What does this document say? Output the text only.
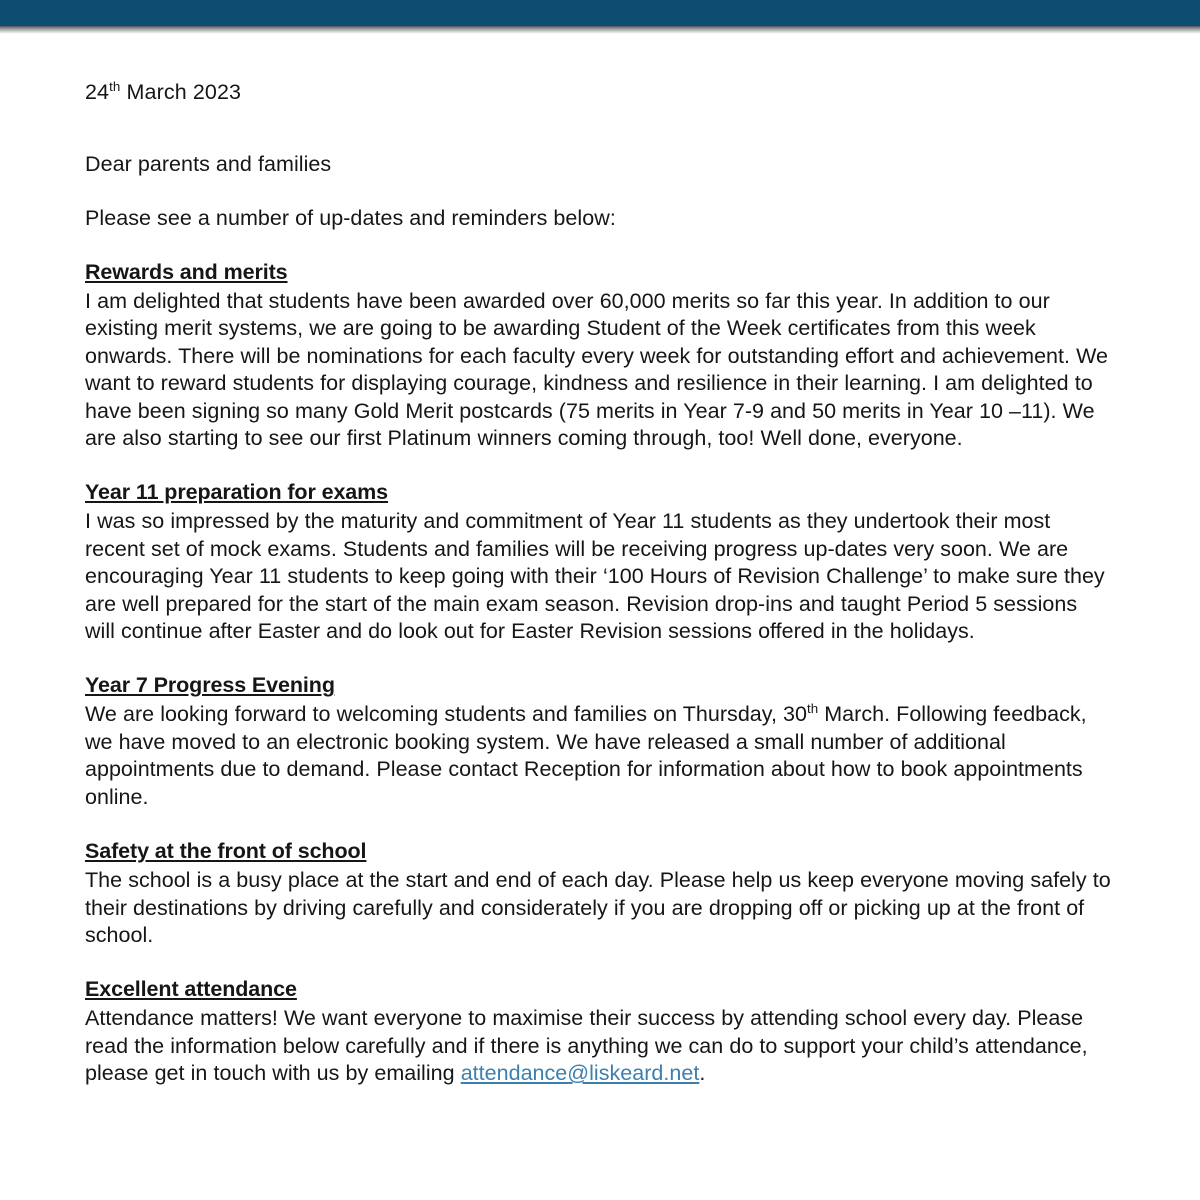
24th March 2023

Dear parents and families

Please see a number of up-dates and reminders below:

Rewards and merits

I am delighted that students have been awarded over 60,000 merits so far this year. In addition to our existing merit systems, we are going to be awarding Student of the Week certificates from this week onwards. There will be nominations for each faculty every week for outstanding effort and achievement. We want to reward students for displaying courage, kindness and resilience in their learning. I am delighted to have been signing so many Gold Merit postcards (75 merits in Year 7-9 and 50 merits in Year 10 –11). We are also starting to see our first Platinum winners coming through, too! Well done, everyone.

Year 11 preparation for exams

I was so impressed by the maturity and commitment of Year 11 students as they undertook their most recent set of mock exams. Students and families will be receiving progress up-dates very soon. We are encouraging Year 11 students to keep going with their ‘100 Hours of Revision Challenge’ to make sure they are well prepared for the start of the main exam season. Revision drop-ins and taught Period 5 sessions will continue after Easter and do look out for Easter Revision sessions offered in the holidays.

Year 7 Progress Evening

We are looking forward to welcoming students and families on Thursday, 30th March. Following feedback, we have moved to an electronic booking system. We have released a small number of additional appointments due to demand. Please contact Reception for information about how to book appointments online.

Safety at the front of school

The school is a busy place at the start and end of each day. Please help us keep everyone moving safely to their destinations by driving carefully and considerately if you are dropping off or picking up at the front of school.

Excellent attendance

Attendance matters! We want everyone to maximise their success by attending school every day. Please read the information below carefully and if there is anything we can do to support your child’s attendance, please get in touch with us by emailing attendance@liskeard.net.
